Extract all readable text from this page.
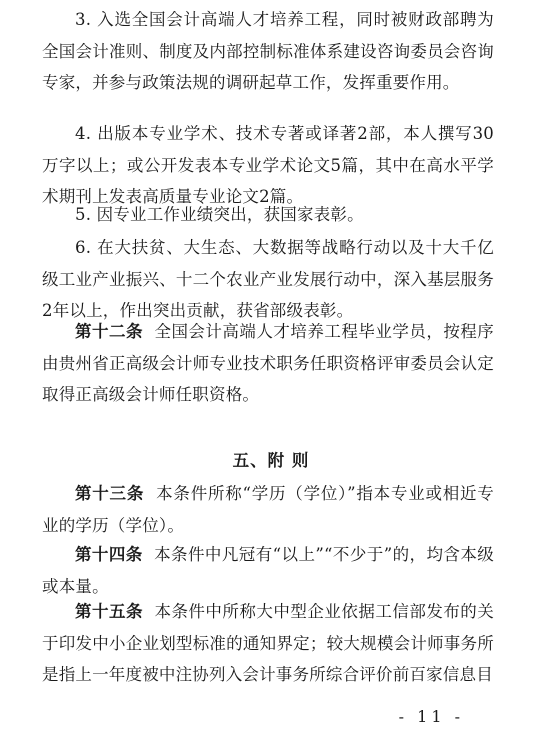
3. 入选全国会计高端人才培养工程，同时被财政部聘为全国会计准则、制度及内部控制标准体系建设咨询委员会咨询专家，并参与政策法规的调研起草工作，发挥重要作用。

4. 出版本专业学术、技术专著或译著2部，本人撰写30万字以上；或公开发表本专业学术论文5篇，其中在高水平学术期刊上发表高质量专业论文2篇。

5. 因专业工作业绩突出，获国家表彰。

6. 在大扶贫、大生态、大数据等战略行动以及十大千亿级工业产业振兴、十二个农业产业发展行动中，深入基层服务2年以上，作出突出贡献，获省部级表彰。

第十二条 全国会计高端人才培养工程毕业学员，按程序由贵州省正高级会计师专业技术职务任职资格评审委员会认定取得正高级会计师任职资格。

五、附 则

第十三条 本条件所称“学历（学位）”指本专业或相近专业的学历（学位）。

第十四条 本条件中凡冠有“以上”“不少于”的，均含本级或本量。

第十五条 本条件中所称大中型企业依据工信部发布的关于印发中小企业划型标准的通知界定；较大规模会计师事务所是指上一年度被中注协列入会计事务所综合评价前百家信息目

- 11 -
